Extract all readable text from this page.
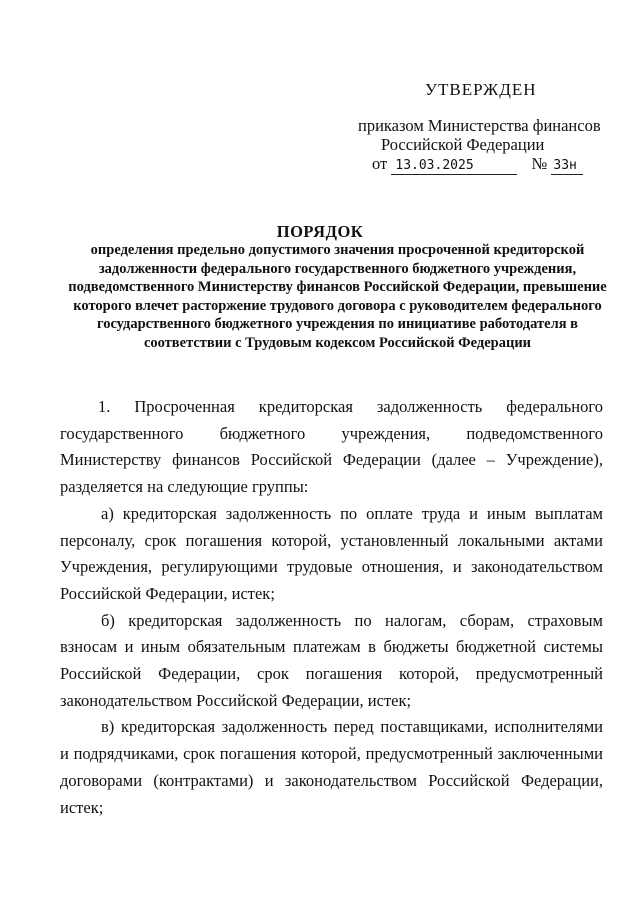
УТВЕРЖДЕН
приказом Министерства финансов
Российской Федерации
от 13.03.2025	№ 33н
ПОРЯДОК
определения предельно допустимого значения просроченной кредиторской задолженности федерального государственного бюджетного учреждения, подведомственного Министерству финансов Российской Федерации, превышение которого влечет расторжение трудового договора с руководителем федерального государственного бюджетного учреждения по инициативе работодателя в соответствии с Трудовым кодексом Российской Федерации

1. Просроченная кредиторская задолженность федерального государственного бюджетного учреждения, подведомственного Министерству финансов Российской Федерации (далее – Учреждение), разделяется на следующие группы:

а) кредиторская задолженность по оплате труда и иным выплатам персоналу, срок погашения которой, установленный локальными актами Учреждения, регулирующими трудовые отношения, и законодательством Российской Федерации, истек;

б) кредиторская задолженность по налогам, сборам, страховым взносам и иным обязательным платежам в бюджеты бюджетной системы Российской Федерации, срок погашения которой, предусмотренный законодательством Российской Федерации, истек;

в) кредиторская задолженность перед поставщиками, исполнителями и подрядчиками, срок погашения которой, предусмотренный заключенными договорами (контрактами) и законодательством Российской Федерации, истек;
